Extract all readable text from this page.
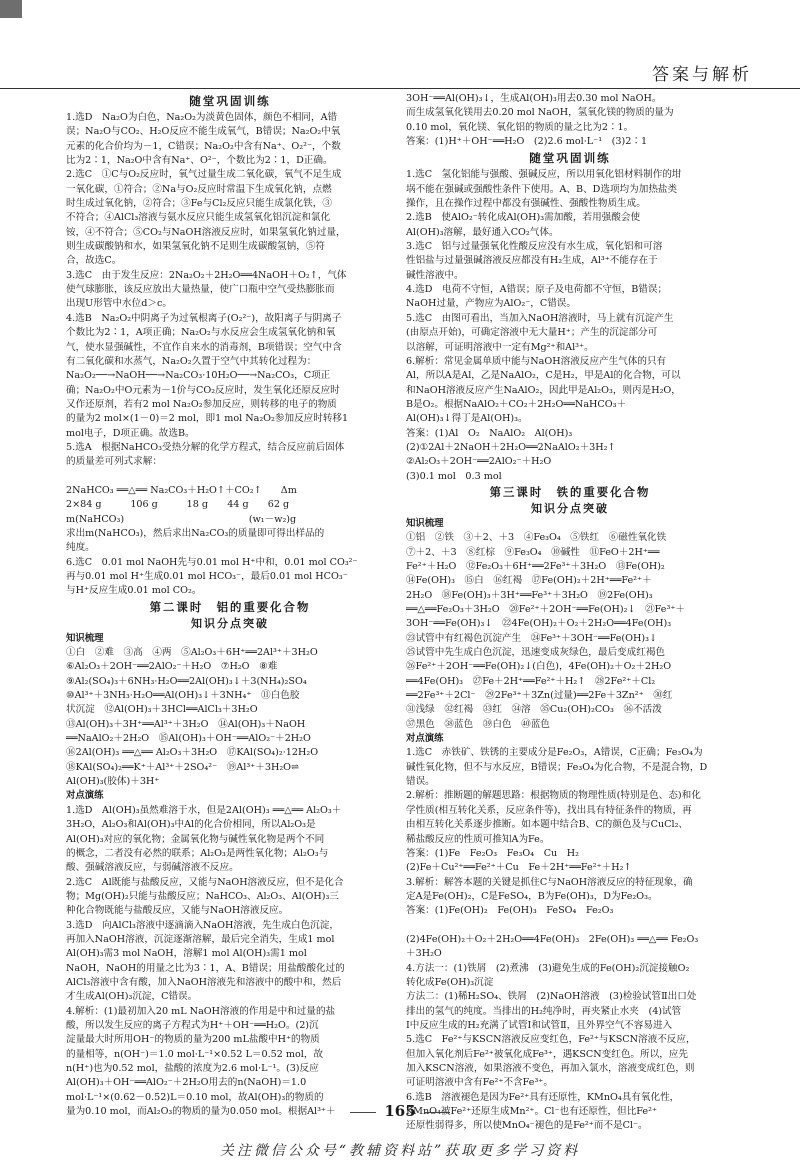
答案与解析

随堂巩固训练

1.选D　Na₂O为白色，Na₂O₂为淡黄色固体，颜色不相同，A错

误；Na₂O与CO₂、H₂O反应不能生成氧气，B错误；Na₂O₂中氧

元素的化合价均为－1，C错误；Na₂O₂中含有Na⁺、O₂²⁻，个数

比为2∶1，Na₂O中含有Na⁺、O²⁻，个数比为2∶1，D正确。

2.选C　①C与O₂反应时，氧气过量生成二氧化碳，氧气不足生成

一氧化碳，①符合；②Na与O₂反应时常温下生成氧化钠，点燃

时生成过氧化钠，②符合；③Fe与Cl₂反应只能生成氯化铁，③

不符合；④AlCl₃溶液与氨水反应只能生成氢氧化铝沉淀和氯化

铵，④不符合；⑤CO₂与NaOH溶液反应时，如果氢氧化钠过量，

则生成碳酸钠和水，如果氢氧化钠不足则生成碳酸氢钠，⑤符

合，故选C。

3.选C　由于发生反应：2Na₂O₂＋2H₂O══4NaOH＋O₂↑，气体

使气球膨胀，该反应放出大量热量，使广口瓶中空气受热膨胀而

出现U形管中水位d＞c。

4.选B　Na₂O₂中阴离子为过氧根离子(O₂²⁻)，故阳离子与阴离子

个数比为2∶1，A项正确；Na₂O₂与水反应会生成氢氧化钠和氧

气，使水显强碱性，不宜作自来水的消毒剂，B项错误；空气中含

有二氧化碳和水蒸气，Na₂O₂久置于空气中其转化过程为：

Na₂O₂──→NaOH──→Na₂CO₃·10H₂O──→Na₂CO₃，C项正

确；Na₂O₂中O元素为－1价与CO₂反应时，发生氧化还原反应时

又作还原剂，若有2 mol Na₂O₂参加反应，则转移的电子的物质

的量为2 mol×(1－0)＝2 mol，即1 mol Na₂O₂参加反应时转移1

mol电子，D项正确。故选B。

5.选A　根据NaHCO₃受热分解的化学方程式，结合反应前后固体

的质量差可列式求解：

2NaHCO₃ ══△══ Na₂CO₃＋H₂O↑＋CO₂↑　　Δm

2×84 g　　　106 g　　　18 g　　44 g　　62 g

m(NaHCO₃)　　　　　　　　　　　　　(w₁－w₂)g

求出m(NaHCO₃)，然后求出Na₂CO₃的质量即可得出样品的

纯度。

6.选C　0.01 mol NaOH先与0.01 mol H⁺中和，0.01 mol CO₃²⁻

再与0.01 mol H⁺生成0.01 mol HCO₃⁻，最后0.01 mol HCO₃⁻

与H⁺反应生成0.01 mol CO₂。

第二课时　铝的重要化合物

知识分点突破

知识梳理

①白　②难　③高　④两　⑤Al₂O₃＋6H⁺══2Al³⁺＋3H₂O

⑥Al₂O₃＋2OH⁻══2AlO₂⁻＋H₂O　⑦H₂O　⑧难

⑨Al₂(SO₄)₃＋6NH₃·H₂O══2Al(OH)₃↓＋3(NH₄)₂SO₄

⑩Al³⁺＋3NH₃·H₂O══Al(OH)₃↓＋3NH₄⁺　⑪白色胶

状沉淀　⑫Al(OH)₃＋3HCl══AlCl₃＋3H₂O

⑬Al(OH)₃＋3H⁺══Al³⁺＋3H₂O　⑭Al(OH)₃＋NaOH

══NaAlO₂＋2H₂O　⑮Al(OH)₃＋OH⁻══AlO₂⁻＋2H₂O

⑯2Al(OH)₃ ══△══ Al₂O₃＋3H₂O　⑰KAl(SO₄)₂·12H₂O

⑱KAl(SO₄)₂══K⁺＋Al³⁺＋2SO₄²⁻　⑲Al³⁺＋3H₂O⇌

Al(OH)₃(胶体)＋3H⁺

对点演练

1.选D　Al(OH)₃虽然难溶于水，但是2Al(OH)₃ ══△══ Al₂O₃＋

3H₂O，Al₂O₃和Al(OH)₃中Al的化合价相同，所以Al₂O₃是

Al(OH)₃对应的氧化物；金属氧化物与碱性氧化物是两个不同

的概念，二者没有必然的联系；Al₂O₃是两性氧化物；Al₂O₃与

酸、强碱溶液反应，与弱碱溶液不反应。

2.选C　Al既能与盐酸反应，又能与NaOH溶液反应，但不是化合

物；Mg(OH)₂只能与盐酸反应；NaHCO₃、Al₂O₃、Al(OH)₃三

种化合物既能与盐酸反应，又能与NaOH溶液反应。

3.选D　向AlCl₃溶液中逐滴滴入NaOH溶液，先生成白色沉淀，

再加入NaOH溶液，沉淀逐渐溶解，最后完全消失，生成1 mol

Al(OH)₃需3 mol NaOH，溶解1 mol Al(OH)₃需1 mol

NaOH，NaOH的用量之比为3∶1，A、B错误；用盐酸酸化过的

AlCl₃溶液中含有酸，加入NaOH溶液先和溶液中的酸中和，然后

才生成Al(OH)₃沉淀，C错误。

4.解析：(1)最初加入20 mL NaOH溶液的作用是中和过量的盐

酸，所以发生反应的离子方程式为H⁺＋OH⁻══H₂O。(2)沉

淀量最大时所用OH⁻的物质的量为200 mL盐酸中H⁺的物质

的量相等，n(OH⁻)＝1.0 mol·L⁻¹×0.52 L＝0.52 mol，故

n(H⁺)也为0.52 mol，盐酸的浓度为2.6 mol·L⁻¹。(3)反应

Al(OH)₃＋OH⁻══AlO₂⁻＋2H₂O用去的n(NaOH)＝1.0

mol·L⁻¹×(0.62－0.52)L＝0.10 mol，故Al(OH)₃的物质的

量为0.10 mol，而Al₂O₃的物质的量为0.050 mol。根据Al³⁺＋

3OH⁻══Al(OH)₃↓，生成Al(OH)₃用去0.30 mol NaOH。

而生成氢氧化镁用去0.20 mol NaOH，氢氧化镁的物质的量为

0.10 mol，氧化镁、氧化铝的物质的量之比为2∶1。

答案：(1)H⁺＋OH⁻══H₂O　(2)2.6 mol·L⁻¹　(3)2∶1

随堂巩固训练

1.选C　氢化铝能与强酸、强碱反应，所以用氧化铝材料制作的坩

埚不能在强碱或强酸性条件下使用。A、B、D选项均为加热盐类

操作，且在操作过程中都没有强碱性、强酸性物质生成。

2.选B　使AlO₂⁻转化成Al(OH)₃需加酸，若用强酸会使

Al(OH)₃溶解，最好通入CO₂气体。

3.选C　铝与过量强氧化性酸反应没有水生成，氧化铝和可溶

性铝盐与过量强碱溶液反应都没有H₂生成，Al³⁺不能存在于

碱性溶液中。

4.选D　电荷不守恒，A错误；原子及电荷都不守恒，B错误；

NaOH过量，产物应为AlO₂⁻，C错误。

5.选C　由图可看出，当加入NaOH溶液时，马上就有沉淀产生

(由原点开始)，可确定溶液中无大量H⁺；产生的沉淀部分可

以溶解，可证明溶液中一定有Mg²⁺和Al³⁺。

6.解析：常见金属单质中能与NaOH溶液反应产生气体的只有

Al，所以A是Al，乙是NaAlO₂，C是H₂，甲是Al的化合物，可以

和NaOH溶液反应产生NaAlO₂，因此甲是Al₂O₃，则丙是H₂O，

B是O₂。根据NaAlO₂＋CO₂＋2H₂O══NaHCO₃＋

Al(OH)₃↓得丁是Al(OH)₃。

答案：(1)Al　O₂　NaAlO₂　Al(OH)₃

(2)①2Al＋2NaOH＋2H₂O══2NaAlO₂＋3H₂↑

②Al₂O₃＋2OH⁻══2AlO₂⁻＋H₂O

(3)0.1 mol　0.3 mol

第三课时　铁的重要化合物

知识分点突破

知识梳理

①铝　②铁　③＋2、＋3　④Fe₃O₄　⑤铁红　⑥磁性氧化铁

⑦＋2、＋3　⑧红棕　⑨Fe₃O₄　⑩碱性　⑪FeO＋2H⁺══

Fe²⁺＋H₂O　⑫Fe₂O₃＋6H⁺══2Fe³⁺＋3H₂O　⑬Fe(OH)₂

⑭Fe(OH)₃　⑮白　⑯红褐　⑰Fe(OH)₂＋2H⁺══Fe²⁺＋

2H₂O　⑱Fe(OH)₃＋3H⁺══Fe³⁺＋3H₂O　⑲2Fe(OH)₃

══△══Fe₂O₃＋3H₂O　⑳Fe²⁺＋2OH⁻══Fe(OH)₂↓　㉑Fe³⁺＋

3OH⁻══Fe(OH)₃↓　㉒4Fe(OH)₂＋O₂＋2H₂O══4Fe(OH)₃

㉓试管中有红褐色沉淀产生　㉔Fe³⁺＋3OH⁻══Fe(OH)₃↓

㉕试管中先生成白色沉淀，迅速变成灰绿色，最后变成红褐色

㉖Fe²⁺＋2OH⁻══Fe(OH)₂↓(白色)，4Fe(OH)₂＋O₂＋2H₂O

══4Fe(OH)₃　㉗Fe＋2H⁺══Fe²⁺＋H₂↑　㉘2Fe²⁺＋Cl₂

══2Fe³⁺＋2Cl⁻　㉙2Fe³⁺＋3Zn(过量)══2Fe＋3Zn²⁺　㉚红

㉛浅绿　㉜红褐　㉝红　㉞溶　㉟Cu₂(OH)₂CO₃　㊱不活泼

㊲黑色　㊳蓝色　㊴白色　㊵蓝色

对点演练

1.选C　赤铁矿、铁锈的主要成分是Fe₂O₃，A错误，C正确；Fe₃O₄为

碱性氧化物，但不与水反应，B错误；Fe₃O₄为化合物，不是混合物，D

错误。

2.解析：推断题的解题思路：根据物质的物理性质(特别是色、态)和化

学性质(相互转化关系，反应条件等)，找出具有特征条件的物质，再

由相互转化关系逐步推断。如本题中结合B、C的颜色及与CuCl₂、

稀盐酸反应的性质可推知A为Fe。

答案：(1)Fe　Fe₂O₃　Fe₃O₄　Cu　H₂

(2)Fe＋Cu²⁺══Fe²⁺＋Cu　Fe＋2H⁺══Fe²⁺＋H₂↑

3.解析：解答本题的关键是抓住C与NaOH溶液反应的特征现象，确

定A是Fe(OH)₂，C是FeSO₄，B为Fe(OH)₃，D为Fe₂O₃。

答案：(1)Fe(OH)₂　Fe(OH)₃　FeSO₄　Fe₂O₃

(2)4Fe(OH)₂＋O₂＋2H₂O══4Fe(OH)₃　2Fe(OH)₃ ══△══ Fe₂O₃

＋3H₂O

4.方法一：(1)铁屑　(2)煮沸　(3)避免生成的Fe(OH)₂沉淀接触O₂

转化成Fe(OH)₃沉淀

方法二：(1)稀H₂SO₄、铁屑　(2)NaOH溶液　(3)检验试管Ⅱ出口处

排出的氢气的纯度。当排出的H₂纯净时，再夹紧止水夹　(4)试管

Ⅰ中反应生成的H₂充满了试管Ⅰ和试管Ⅱ，且外界空气不容易进入

5.选C　Fe²⁺与KSCN溶液反应变红色，Fe²⁺与KSCN溶液不反应，

但加入氧化剂后Fe²⁺被氧化成Fe³⁺，遇KSCN变红色。所以，应先

加入KSCN溶液，如果溶液不变色，再加入氯水，溶液变成红色，则

可证明溶液中含有Fe²⁺不含Fe³⁺。

6.选B　溶液褪色是因为Fe²⁺具有还原性，KMnO₄具有氧化性，

KMnO₄被Fe²⁺还原生成Mn²⁺。Cl⁻也有还原性，但比Fe²⁺

还原性弱得多，所以使MnO₄⁻褪色的是Fe²⁺而不是Cl⁻。

165
关注微信公众号“教辅资料站”获取更多学习资料
